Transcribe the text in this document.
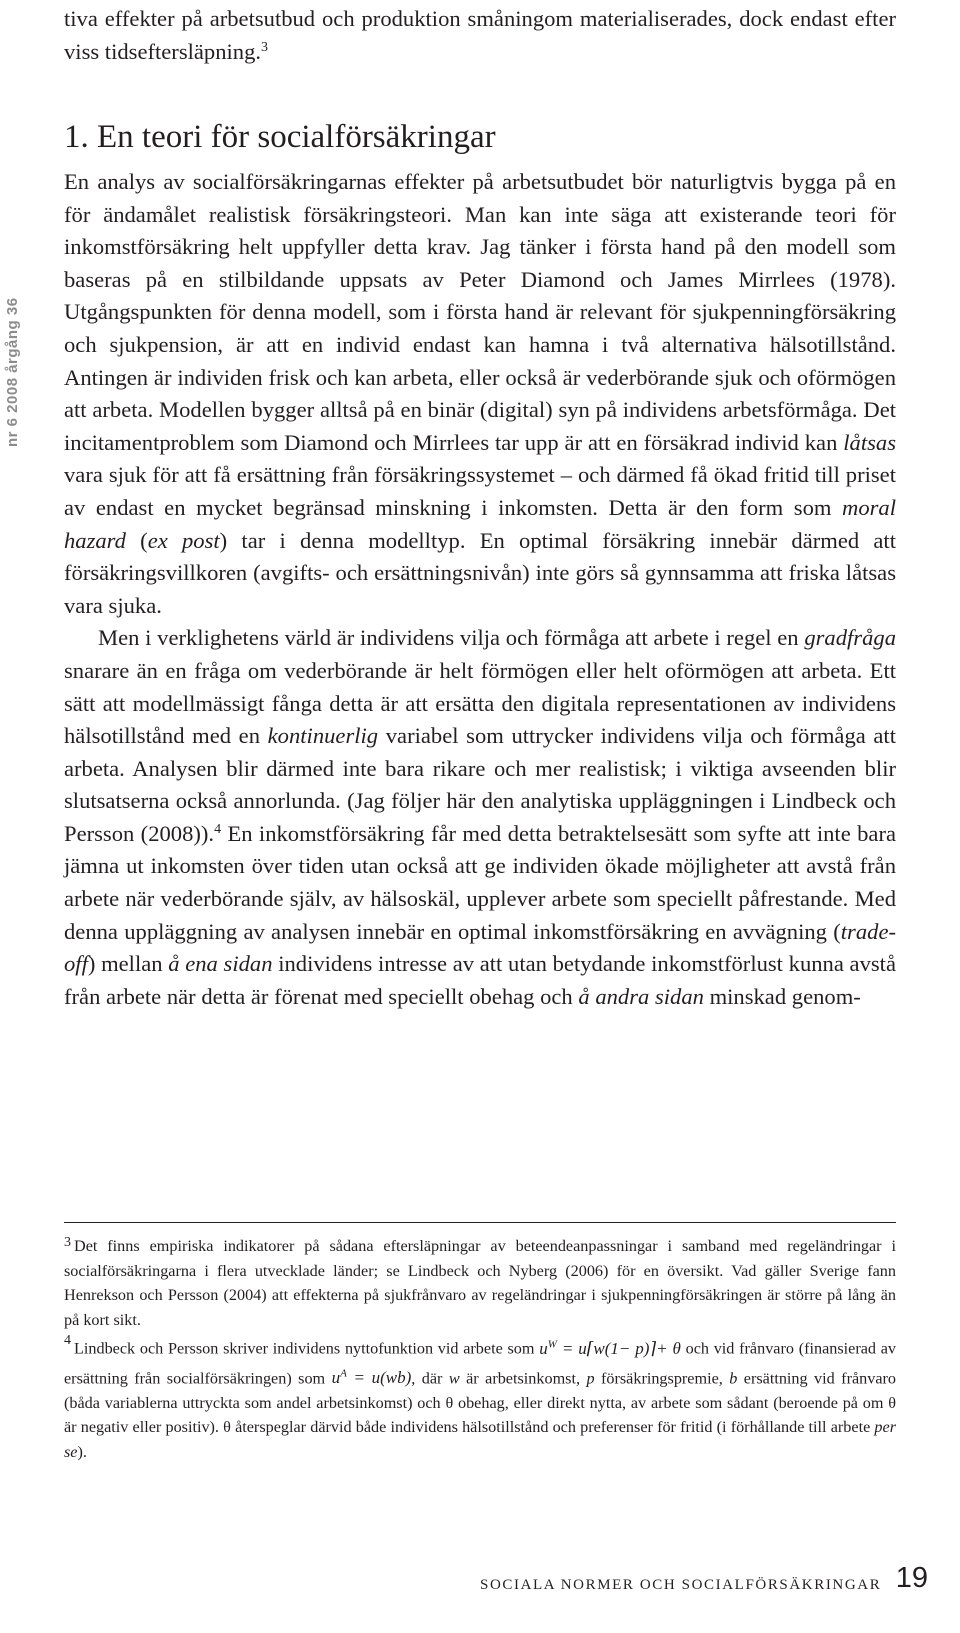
nr 6 2008 årgång 36

tiva effekter på arbetsutbud och produktion småningom materialiserades, dock endast efter viss tidseftersläpning.$^3$

1. En teori för socialförsäkringar

En analys av socialförsäkringarnas effekter på arbetsutbudet bör naturligtvis bygga på en för ändamålet realistisk försäkringsteori. Man kan inte säga att existerande teori för inkomstförsäkring helt uppfyller detta krav. Jag tänker i första hand på den modell som baseras på en stilbildande uppsats av Peter Diamond och James Mirrlees (1978). Utgångspunkten för denna modell, som i första hand är relevant för sjukpenningförsäkring och sjukpension, är att en individ endast kan hamna i två alternativa hälsotillstånd. Antingen är individen frisk och kan arbeta, eller också är vederbörande sjuk och oförmögen att arbeta. Modellen bygger alltså på en binär (digital) syn på individens arbetsförmåga. Det incitamentproblem som Diamond och Mirrlees tar upp är att en försäkrad individ kan låtsas vara sjuk för att få ersättning från försäkringssystemet – och därmed få ökad fritid till priset av endast en mycket begränsad minskning i inkomsten. Detta är den form som moral hazard (ex post) tar i denna modelltyp. En optimal försäkring innebär därmed att försäkringsvillkoren (avgifts- och ersättningsnivån) inte görs så gynnsamma att friska låtsas vara sjuka.

Men i verklighetens värld är individens vilja och förmåga att arbete i regel en gradfråga snarare än en fråga om vederbörande är helt förmögen eller helt oförmögen att arbeta. Ett sätt att modellmässigt fånga detta är att ersätta den digitala representationen av individens hälsotillstånd med en kontinuerlig variabel som uttrycker individens vilja och förmåga att arbeta. Analysen blir därmed inte bara rikare och mer realistisk; i viktiga avseenden blir slutsatserna också annorlunda. (Jag följer här den analytiska uppläggningen i Lindbeck och Persson (2008)).$^4$ En inkomstförsäkring får med detta betraktelsesätt som syfte att inte bara jämna ut inkomsten över tiden utan också att ge individen ökade möjligheter att avstå från arbete när vederbörande själv, av hälsoskäl, upplever arbete som speciellt påfrestande. Med denna uppläggning av analysen innebär en optimal inkomstförsäkring en avvägning (trade-off) mellan å ena sidan individens intresse av att utan betydande inkomstförlust kunna avstå från arbete när detta är förenat med speciellt obehag och å andra sidan minskad genom-

3 Det finns empiriska indikatorer på sådana eftersläpningar av beteendeanpassningar i samband med regeländringar i socialförsäkringarna i flera utvecklade länder; se Lindbeck och Nyberg (2006) för en översikt. Vad gäller Sverige fann Henrekson och Persson (2004) att effekterna på sjukfrånvaro av regeländringar i sjukpenningförsäkringen är större på lång än på kort sikt.

4 Lindbeck och Persson skriver individens nyttofunktion vid arbete som $u^W$ = u⌈w(1− p)⌉+ θ och vid frånvaro (finansierad av ersättning från socialförsäkringen) som $u^A = u(wb)$, där w är arbetsinkomst, p försäkringspremie, b ersättning vid frånvaro (båda variablerna uttryckta som andel arbetsinkomst) och θ obehag, eller direkt nytta, av arbete som sådant (beroende på om θ är negativ eller positiv). θ återspeglar därvid både individens hälsotillstånd och preferenser för fritid (i förhållande till arbete per se).

SOCIALA NORMER OCH SOCIALFÖRSÄKRINGAR 19
